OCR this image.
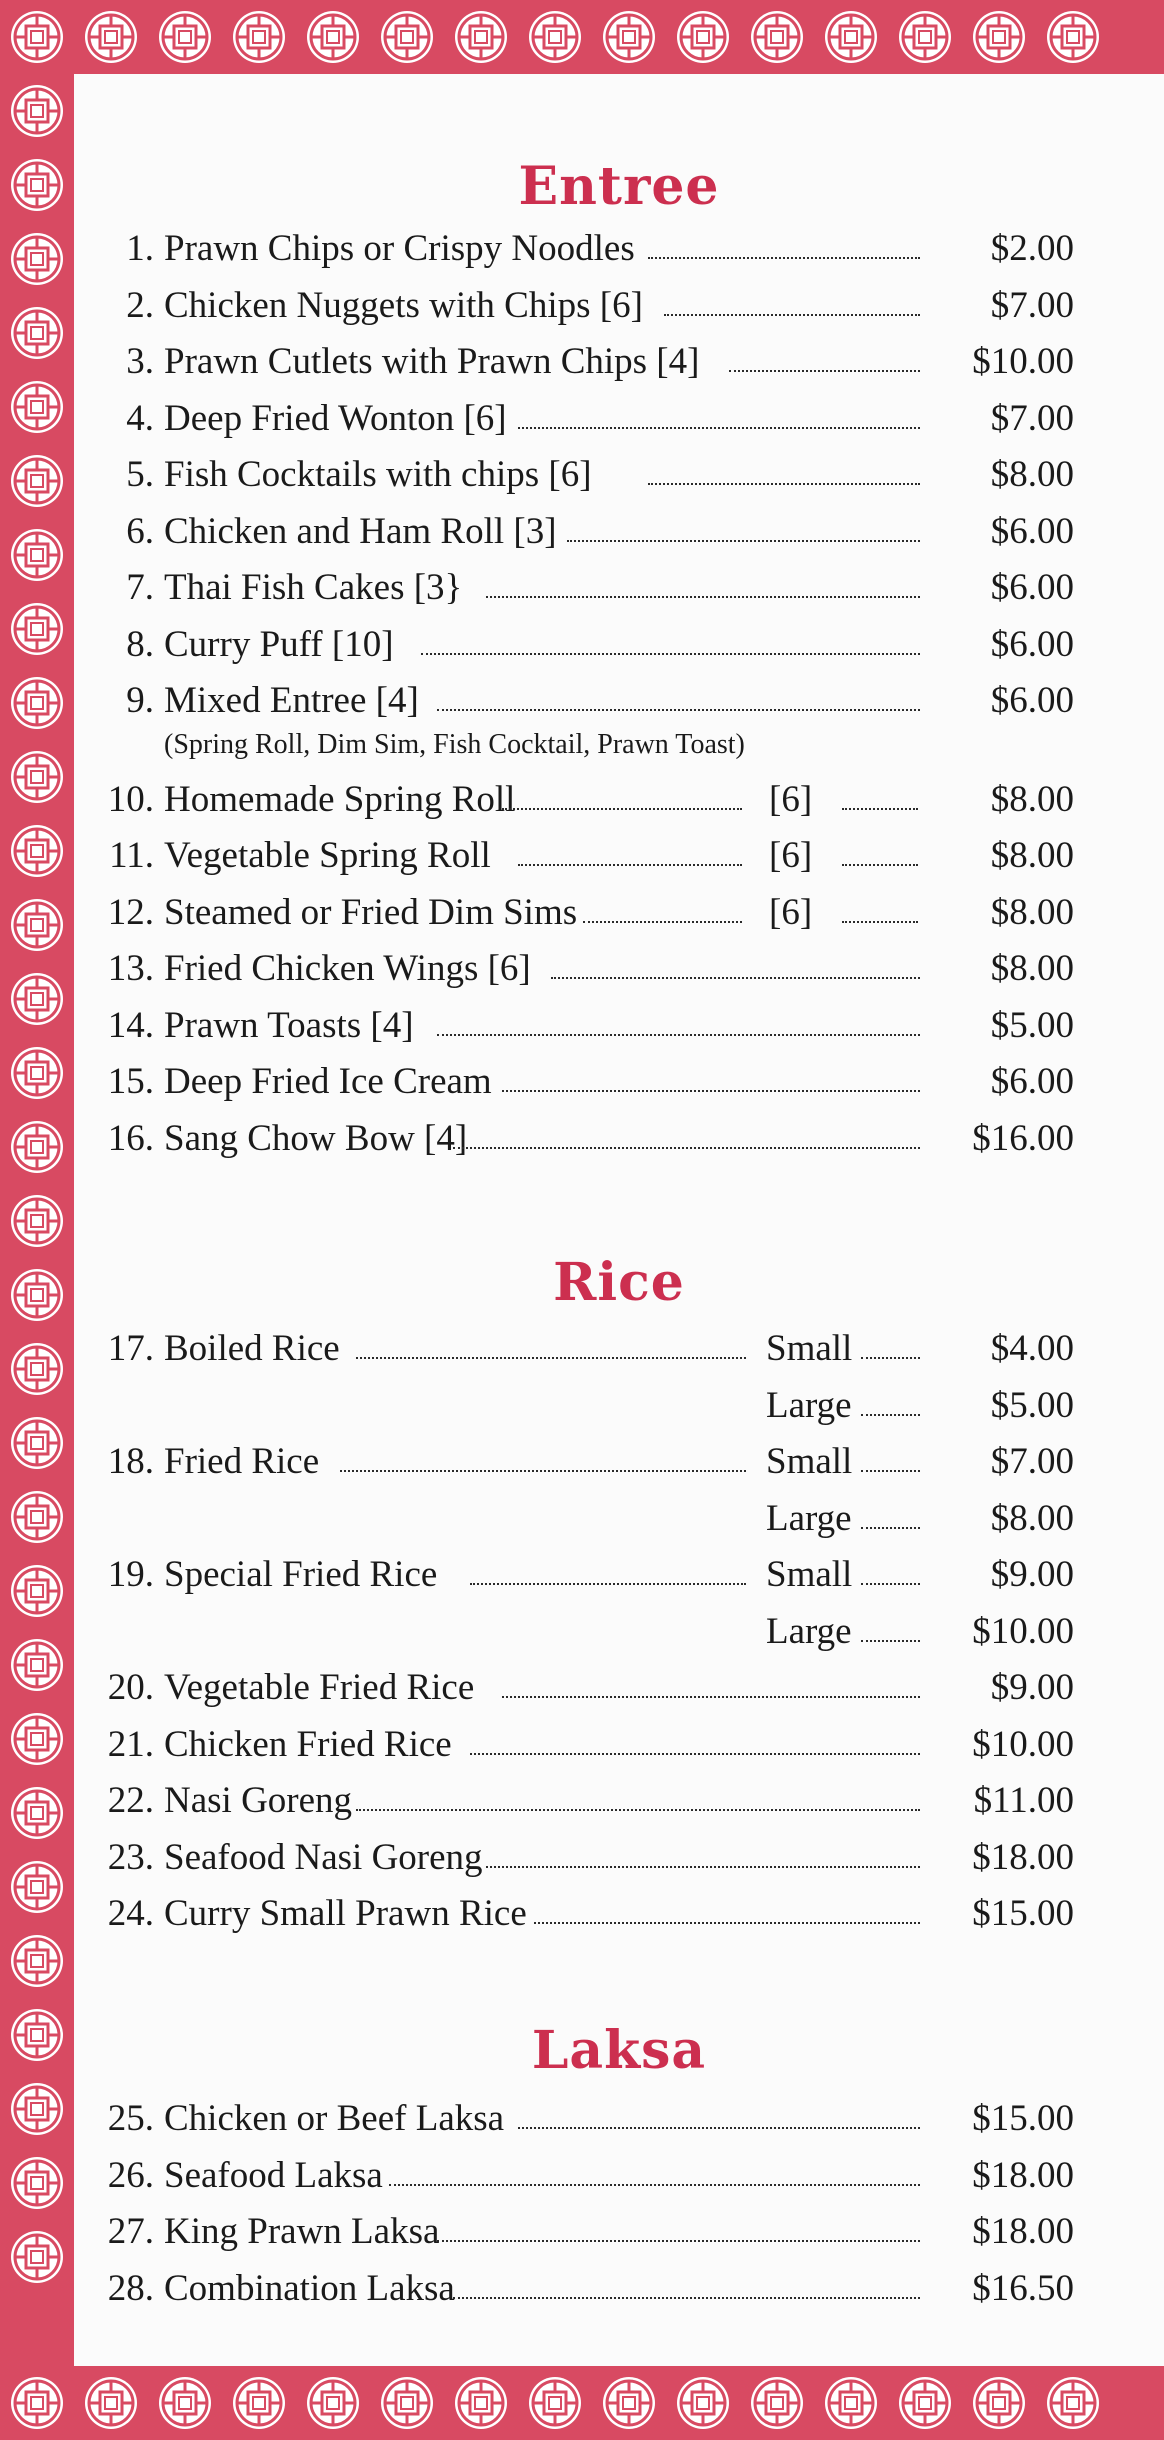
Entree
1. Prawn Chips or Crispy Noodles	$2.00
2. Chicken Nuggets with Chips [6]	$7.00
3. Prawn Cutlets with Prawn Chips [4]	$10.00
4. Deep Fried Wonton [6]	$7.00
5. Fish Cocktails with chips [6]	$8.00
6. Chicken and Ham Roll [3]	$6.00
7. Thai Fish Cakes [3}	$6.00
8. Curry Puff [10]	$6.00
9. Mixed Entree [4]	$6.00
(Spring Roll, Dim Sim, Fish Cocktail, Prawn Toast)
10. Homemade Spring Roll	[6]	$8.00
11. Vegetable Spring Roll	[6]	$8.00
12. Steamed or Fried Dim Sims	[6]	$8.00
13. Fried Chicken Wings [6]	$8.00
14. Prawn Toasts [4]	$5.00
15. Deep Fried Ice Cream	$6.00
16. Sang Chow Bow [4]	$16.00
Rice
17. Boiled Rice	Small	$4.00
Large	$5.00
18. Fried Rice	Small	$7.00
Large	$8.00
19. Special Fried Rice	Small	$9.00
Large	$10.00
20. Vegetable Fried Rice	$9.00
21. Chicken Fried Rice	$10.00
22. Nasi Goreng	$11.00
23. Seafood Nasi Goreng	$18.00
24. Curry Small Prawn Rice	$15.00
Laksa
25. Chicken or Beef Laksa	$15.00
26. Seafood Laksa	$18.00
27. King Prawn Laksa	$18.00
28. Combination Laksa	$16.50
